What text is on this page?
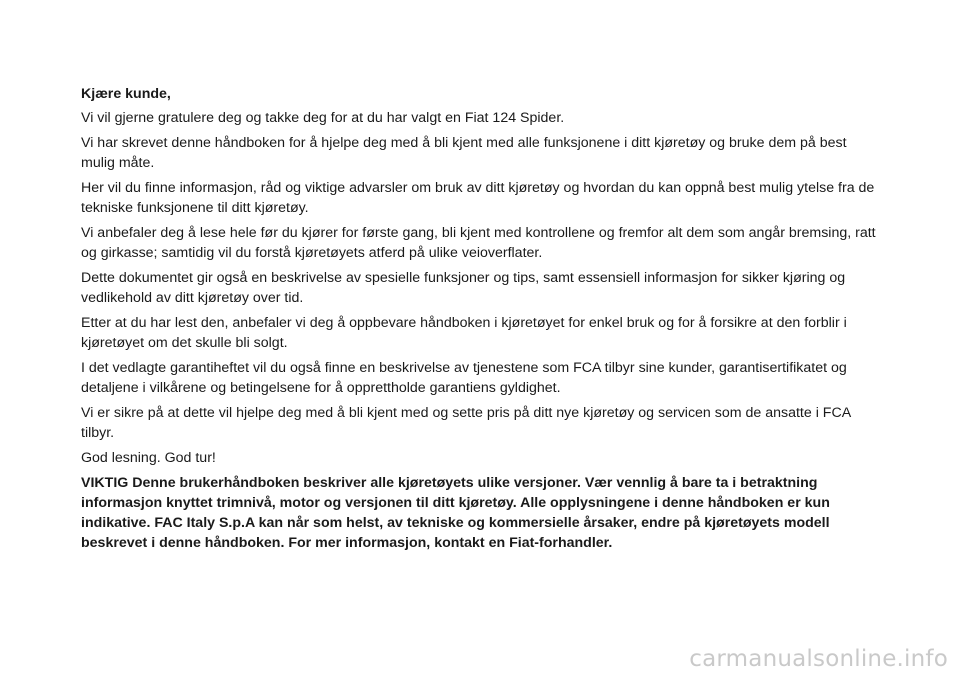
Kjære kunde,

Vi vil gjerne gratulere deg og takke deg for at du har valgt en Fiat 124 Spider.

Vi har skrevet denne håndboken for å hjelpe deg med å bli kjent med alle funksjonene i ditt kjøretøy og bruke dem på best mulig måte.

Her vil du finne informasjon, råd og viktige advarsler om bruk av ditt kjøretøy og hvordan du kan oppnå best mulig ytelse fra de tekniske funksjonene til ditt kjøretøy.

Vi anbefaler deg å lese hele før du kjører for første gang, bli kjent med kontrollene og fremfor alt dem som angår bremsing, ratt og girkasse; samtidig vil du forstå kjøretøyets atferd på ulike veioverflater.

Dette dokumentet gir også en beskrivelse av spesielle funksjoner og tips, samt essensiell informasjon for sikker kjøring og vedlikehold av ditt kjøretøy over tid.

Etter at du har lest den, anbefaler vi deg å oppbevare håndboken i kjøretøyet for enkel bruk og for å forsikre at den forblir i kjøretøyet om det skulle bli solgt.

I det vedlagte garantiheftet vil du også finne en beskrivelse av tjenestene som FCA tilbyr sine kunder, garantisertifikatet og detaljene i vilkårene og betingelsene for å opprettholde garantiens gyldighet.

Vi er sikre på at dette vil hjelpe deg med å bli kjent med og sette pris på ditt nye kjøretøy og servicen som de ansatte i FCA tilbyr.

God lesning. God tur!

VIKTIG Denne brukerhåndboken beskriver alle kjøretøyets ulike versjoner. Vær vennlig å bare ta i betraktning informasjon knyttet trimnivå, motor og versjonen til ditt kjøretøy. Alle opplysningene i denne håndboken er kun indikative. FAC Italy S.p.A kan når som helst, av tekniske og kommersielle årsaker, endre på kjøretøyets modell beskrevet i denne håndboken. For mer informasjon, kontakt en Fiat-forhandler.

carmanualsonline.info
